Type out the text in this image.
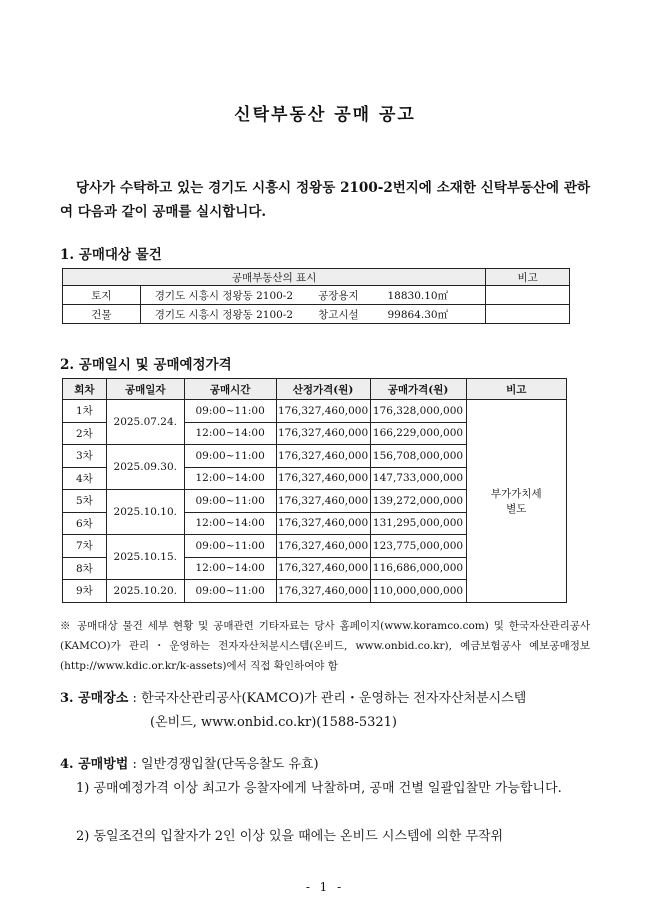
신탁부동산 공매 공고
당사가 수탁하고 있는 경기도 시흥시 정왕동 2100-2번지에 소재한 신탁부동산에 관하여 다음과 같이 공매를 실시합니다.
1. 공매대상 물건
공매부동산의 표시		비고
토지	경기도 시흥시 정왕동 2100-2 공장용지 18830.10㎡	
건물	경기도 시흥시 정왕동 2100-2 창고시설 99864.30㎡	
2. 공매일시 및 공매예정가격
회차	공매일자	공매시간	산정가격(원)	공매가격(원)	비고
1차	2025.07.24.	09:00~11:00	176,327,460,000	176,328,000,000	부가가치세
별도

2차		12:00~14:00	176,327,460,000	166,229,000,000	
3차	2025.09.30.	09:00~11:00	176,327,460,000	156,708,000,000	
4차		12:00~14:00	176,327,460,000	147,733,000,000	
5차	2025.10.10.	09:00~11:00	176,327,460,000	139,272,000,000	
6차		12:00~14:00	176,327,460,000	131,295,000,000	
7차	2025.10.15.	09:00~11:00	176,327,460,000	123,775,000,000	
8차		12:00~14:00	176,327,460,000	116,686,000,000	
9차	2025.10.20.	09:00~11:00	176,327,460,000	110,000,000,000	
※ 공매대상 물건 세부 현황 및 공매관련 기타자료는 당사 홈페이지(www.koramco.com) 및 한국자산관리공사(KAMCO)가 관리・운영하는 전자자산처분시스템(온비드, www.onbid.co.kr), 예금보험공사 예보공매정보(http://www.kdic.or.kr/k-assets)에서 직접 확인하여야 함
3. 공매장소 : 한국자산관리공사(KAMCO)가 관리・운영하는 전자자산처분시스템
(온비드, www.onbid.co.kr)(1588-5321)
4. 공매방법 : 일반경쟁입찰(단독응찰도 유효)
1) 공매예정가격 이상 최고가 응찰자에게 낙찰하며, 공매 건별 일괄입찰만 가능합니다.
2) 동일조건의 입찰자가 2인 이상 있을 때에는 온비드 시스템에 의한 무작위
- 1 -
